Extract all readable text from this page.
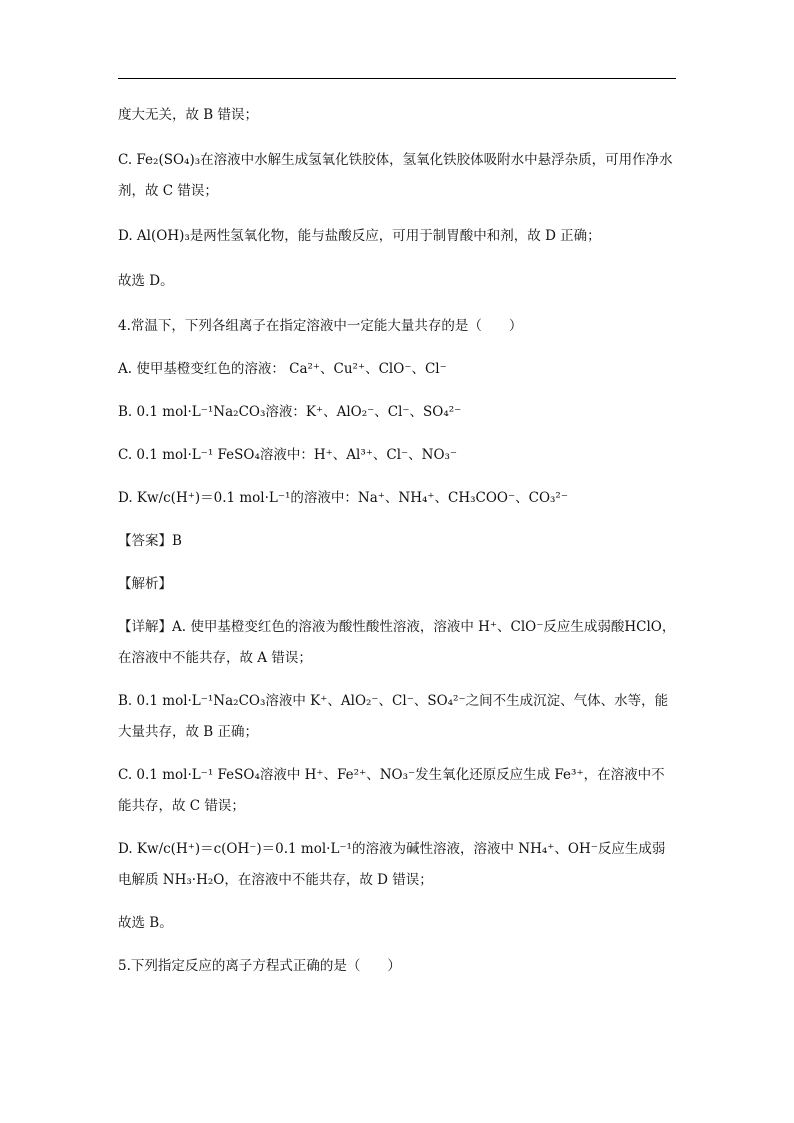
度大无关，故 B 错误；

C. Fe₂(SO₄)₃在溶液中水解生成氢氧化铁胶体，氢氧化铁胶体吸附水中悬浮杂质，可用作净水剂，故 C 错误；

D. Al(OH)₃是两性氢氧化物，能与盐酸反应，可用于制胃酸中和剂，故 D 正确；

故选 D。

4.常温下，下列各组离子在指定溶液中一定能大量共存的是（　　）

A. 使甲基橙变红色的溶液： Ca²⁺、Cu²⁺、ClO⁻、Cl⁻

B. 0.1 mol·L⁻¹Na₂CO₃溶液：K⁺、AlO₂⁻、Cl⁻、SO₄²⁻

C. 0.1 mol·L⁻¹ FeSO₄溶液中：H⁺、Al³⁺、Cl⁻、NO₃⁻

D. Kw/c(H⁺)＝0.1 mol·L⁻¹的溶液中：Na⁺、NH₄⁺、CH₃COO⁻、CO₃²⁻

【答案】B

【解析】

【详解】A. 使甲基橙变红色的溶液为酸性酸性溶液，溶液中 H⁺、ClO⁻反应生成弱酸HClO，在溶液中不能共存，故 A 错误；

B. 0.1 mol·L⁻¹Na₂CO₃溶液中 K⁺、AlO₂⁻、Cl⁻、SO₄²⁻之间不生成沉淀、气体、水等，能大量共存，故 B 正确；

C. 0.1 mol·L⁻¹ FeSO₄溶液中 H⁺、Fe²⁺、NO₃⁻发生氧化还原反应生成 Fe³⁺，在溶液中不能共存，故 C 错误；

D. Kw/c(H⁺)＝c(OH⁻)＝0.1 mol·L⁻¹的溶液为碱性溶液，溶液中 NH₄⁺、OH⁻反应生成弱电解质 NH₃·H₂O，在溶液中不能共存，故 D 错误；

故选 B。

5.下列指定反应的离子方程式正确的是（　　）
